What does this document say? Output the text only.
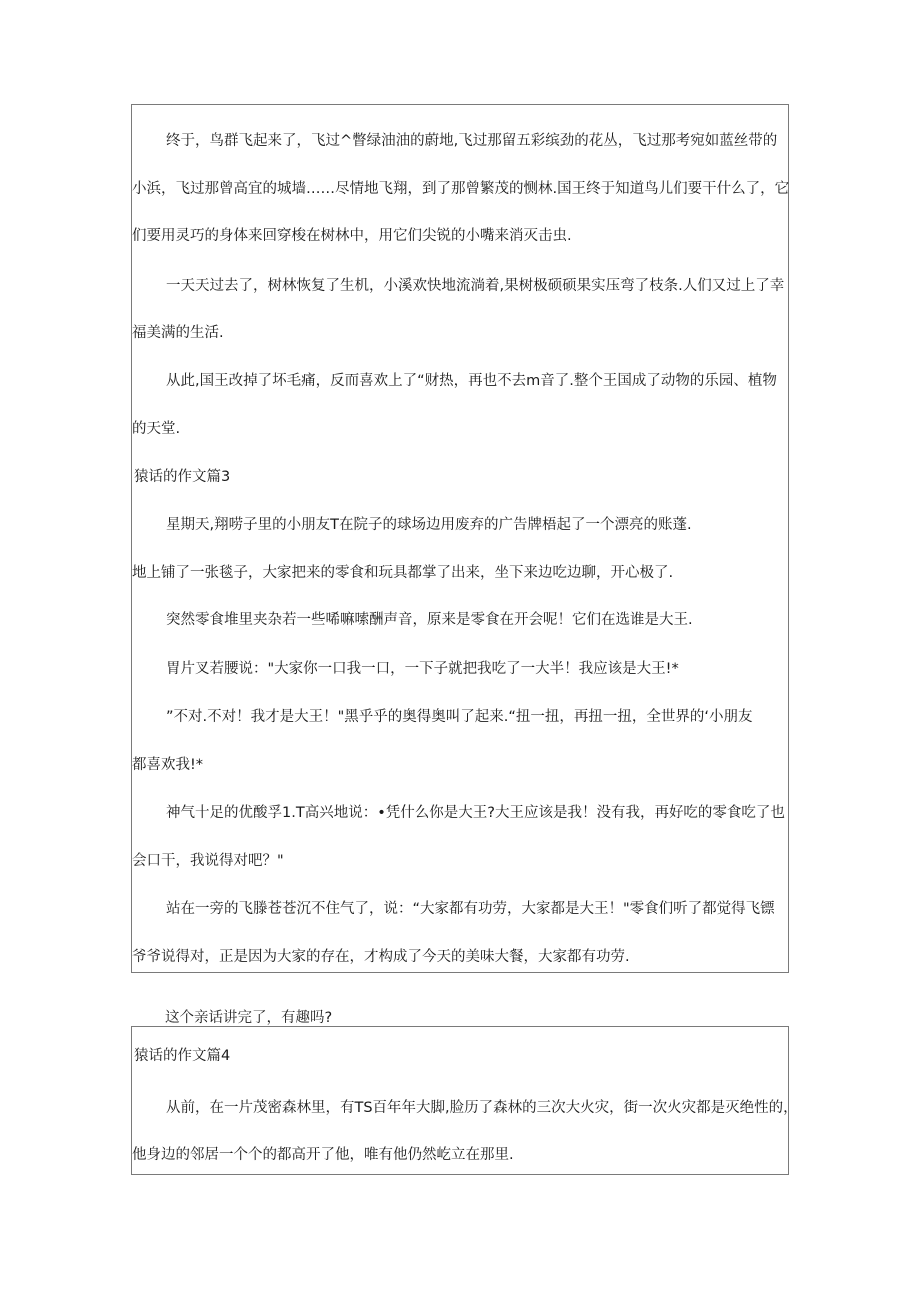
终于，鸟群飞起来了，飞过^瞥绿油油的蔚地,飞过那留五彩缤劲的花丛，飞过那考宛如蓝丝带的

小浜，飞过那曾高宜的城墙……尽情地飞翔，到了那曾繁茂的恻林.国王终于知道鸟儿们要干什么了，它

们要用灵巧的身体来回穿梭在树林中，用它们尖锐的小嘴来消灭击虫.

一天天过去了，树林恢复了生机，小溪欢快地流淌着,果树极硕硕果实压弯了枝条.人们又过上了幸

福美满的生活.

从此,国王改掉了坏毛痛，反而喜欢上了“财热，再也不去m音了.整个王国成了动物的乐园、植物

的天堂.

猿话的作文篇3

星期天,翔唠子里的小朋友T在院子的球场边用废弃的广告牌梧起了一个漂亮的账蓬.

地上铺了一张毯子，大家把来的零食和玩具都掌了出来，坐下来边吃边聊，开心极了.

突然零食堆里夹杂若一些唏嘛嗦酬声音，原来是零食在开会呢！它们在选谁是大王.

胃片叉若腰说："大家你一口我一口，一下子就把我吃了一大半！我应该是大王!*

”不对.不对！我才是大王！"黑乎乎的奥得奥叫了起来.“扭一扭，再扭一扭，全世界的‘小朋友

都喜欢我!*

神气十足的优酸孚1.T高兴地说：•凭什么你是大王?大王应该是我！没有我，再好吃的零食吃了也

会口干，我说得对吧？"

站在一旁的飞滕苍苍沉不住气了，说：“大家都有功劳，大家都是大王！"零食们听了都觉得飞镖

爷爷说得对，正是因为大家的存在，才构成了今天的美味大餐，大家都有功劳.

这个亲话讲完了，有趣吗?

猿话的作文篇4

从前，在一片茂密森林里，有TS百年年大脚,脸历了森林的三次大火灾，街一次火灾都是灭绝性的，

他身边的邻居一个个的都高开了他，唯有他仍然屹立在那里.
